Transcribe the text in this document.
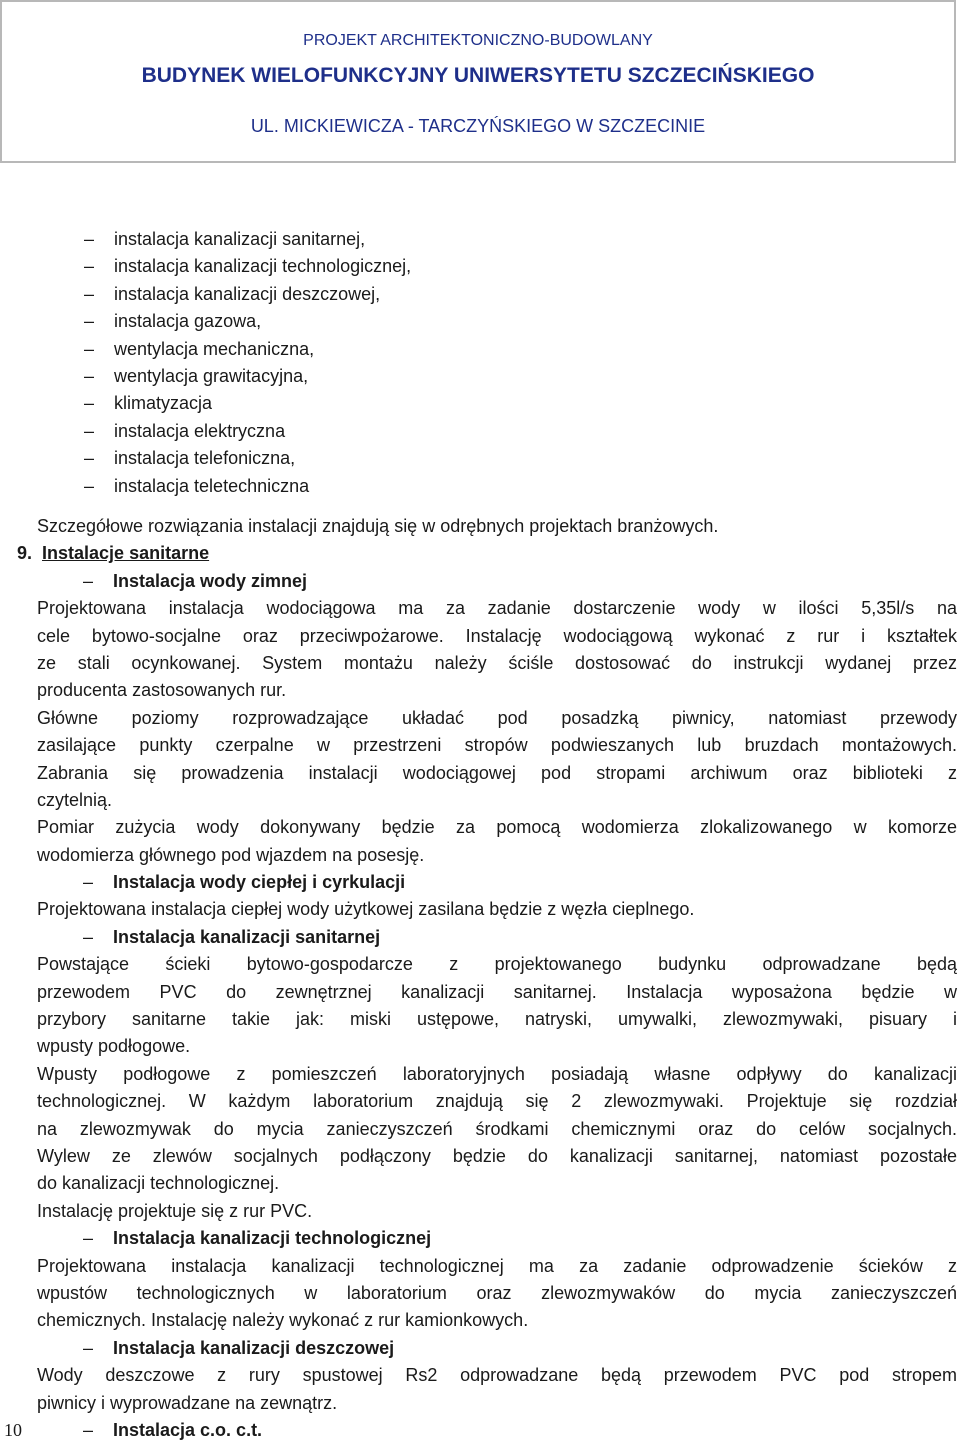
PROJEKT ARCHITEKTONICZNO-BUDOWLANY
BUDYNEK WIELOFUNKCYJNY UNIWERSYTETU SZCZECIŃSKIEGO
UL. MICKIEWICZA - TARCZYŃSKIEGO W SZCZECINIE
– instalacja kanalizacji sanitarnej,
– instalacja kanalizacji technologicznej,
– instalacja kanalizacji deszczowej,
– instalacja gazowa,
– wentylacja mechaniczna,
– wentylacja grawitacyjna,
– klimatyzacja
– instalacja elektryczna
– instalacja telefoniczna,
– instalacja teletechniczna
Szczegółowe rozwiązania instalacji znajdują się w odrębnych projektach branżowych.
9. Instalacje sanitarne
– Instalacja wody zimnej
Projektowana instalacja wodociągowa ma za zadanie dostarczenie wody w ilości 5,35l/s na
cele bytowo-socjalne oraz przeciwpożarowe. Instalację wodociągową wykonać z rur i kształtek
ze stali ocynkowanej. System montażu należy ściśle dostosować do instrukcji wydanej przez
producenta zastosowanych rur.
Główne poziomy rozprowadzające układać pod posadzką piwnicy, natomiast przewody
zasilające punkty czerpalne w przestrzeni stropów podwieszanych lub bruzdach montażowych.
Zabrania się prowadzenia instalacji wodociągowej pod stropami archiwum oraz biblioteki z
czytelnią.
Pomiar zużycia wody dokonywany będzie za pomocą wodomierza zlokalizowanego w komorze
wodomierza głównego pod wjazdem na posesję.
– Instalacja wody ciepłej i cyrkulacji
Projektowana instalacja ciepłej wody użytkowej zasilana będzie z węzła cieplnego.
– Instalacja kanalizacji sanitarnej
Powstające ścieki bytowo-gospodarcze z projektowanego budynku odprowadzane będą
przewodem PVC do zewnętrznej kanalizacji sanitarnej. Instalacja wyposażona będzie w
przybory sanitarne takie jak: miski ustępowe, natryski, umywalki, zlewozmywaki, pisuary i
wpusty podłogowe.
Wpusty podłogowe z pomieszczeń laboratoryjnych posiadają własne odpływy do kanalizacji
technologicznej. W każdym laboratorium znajdują się 2 zlewozmywaki. Projektuje się rozdział
na zlewozmywak do mycia zanieczyszczeń środkami chemicznymi oraz do celów socjalnych.
Wylew ze zlewów socjalnych podłączony będzie do kanalizacji sanitarnej, natomiast pozostałe
do kanalizacji technologicznej.
Instalację projektuje się z rur PVC.
– Instalacja kanalizacji technologicznej
Projektowana instalacja kanalizacji technologicznej ma za zadanie odprowadzenie ścieków z
wpustów technologicznych w laboratorium oraz zlewozmywaków do mycia zanieczyszczeń
chemicznych. Instalację należy wykonać z rur kamionkowych.
– Instalacja kanalizacji deszczowej
Wody deszczowe z rury spustowej Rs2 odprowadzane będą przewodem PVC pod stropem
piwnicy i wyprowadzane na zewnątrz.
– Instalacja c.o. c.t.
10
